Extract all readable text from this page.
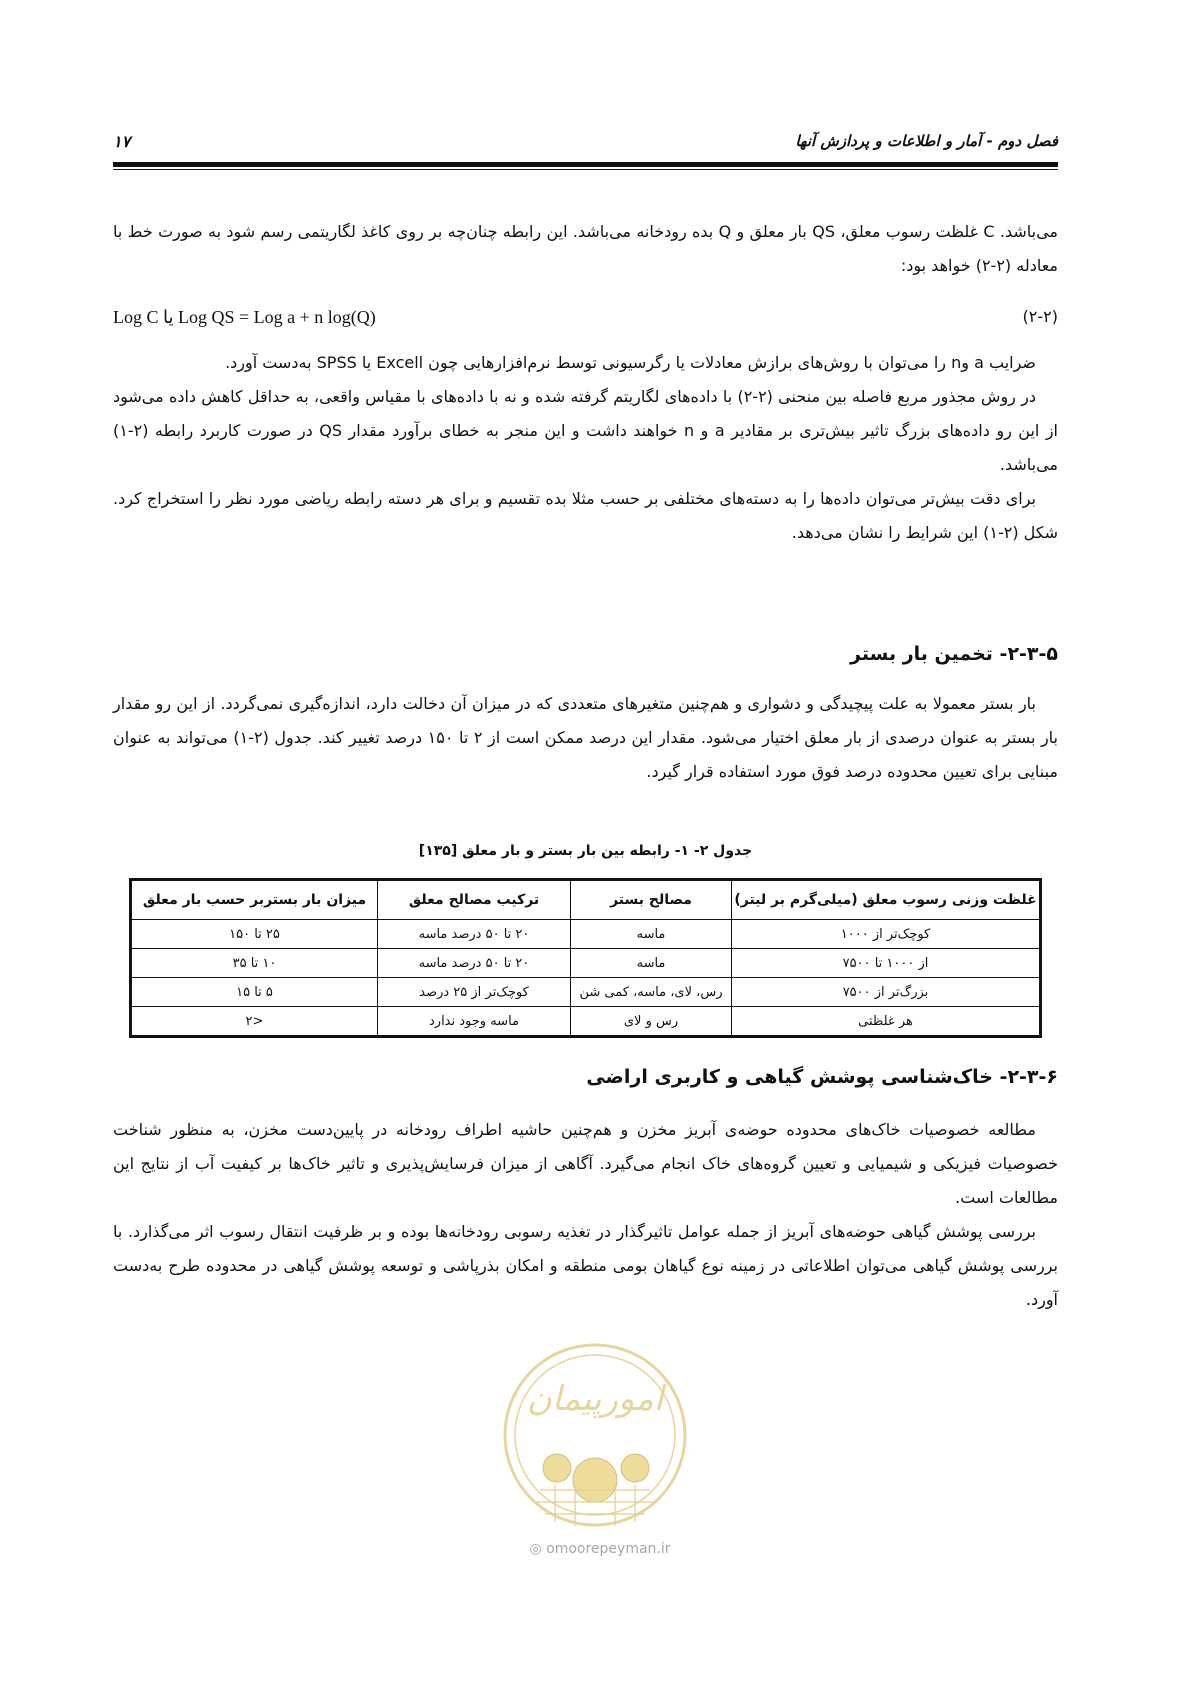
فصل دوم - آمار و اطلاعات و پردازش آنها
۱۷

می‌باشد. C غلظت رسوب معلق، QS بار معلق و Q بده رودخانه می‌باشد. این رابطه چنان‌چه بر روی کاغذ لگاریتمی رسم شود به صورت خط با معادله (۲-۲) خواهد بود:

Log C یا Log QS = Log a + n log(Q)	(۲-۲)

ضرایب a وn را می‌توان با روش‌های برازش معادلات یا رگرسیونی توسط نرم‌افزارهایی چون Excell یا SPSS به‌دست آورد.

در روش مجذور مربع فاصله بین منحنی (۲-۲) با داده‌های لگاریتم گرفته شده و نه با داده‌های با مقیاس واقعی، به حداقل کاهش داده می‌شود از این رو داده‌های بزرگ تاثیر بیش‌تری بر مقادیر a و n خواهند داشت و این منجر به خطای برآورد مقدار QS در صورت کاربرد رابطه (۲-۱) می‌باشد.

برای دقت بیش‌تر می‌توان داده‌ها را به دسته‌های مختلفی بر حسب مثلا بده تقسیم و برای هر دسته رابطه ریاضی مورد نظر را استخراج کرد. شکل (۲-۱) این شرایط را نشان می‌دهد.

۲-۳-۵- تخمین بار بستر

بار بستر معمولا به علت پیچیدگی و دشواری و هم‌چنین متغیرهای متعددی که در میزان آن دخالت دارد، اندازه‌گیری نمی‌گردد. از این رو مقدار بار بستر به عنوان درصدی از بار معلق اختیار می‌شود. مقدار این درصد ممکن است از ۲ تا ۱۵۰ درصد تغییر کند. جدول (۲-۱) می‌تواند به عنوان مبنایی برای تعیین محدوده درصد فوق مورد استفاده قرار گیرد.

جدول ۲- ۱- رابطه بین بار بستر و بار معلق [۱۳۵]
غلظت وزنی رسوب معلق (میلی‌گرم بر لیتر)	مصالح بستر	ترکیب مصالح معلق	میزان بار بستربر حسب بار معلق
کوچک‌تر از ۱۰۰۰	ماسه	۲۰ تا ۵۰ درصد ماسه	۲۵ تا ۱۵۰
از ۱۰۰۰ تا ۷۵۰۰	ماسه	۲۰ تا ۵۰ درصد ماسه	۱۰ تا ۳۵
بزرگ‌تر از ۷۵۰۰	رس، لای، ماسه، کمی شن	کوچک‌تر از ۲۵ درصد	۵ تا ۱۵
هر غلظتی	رس و لای	ماسه وجود ندارد	<۲
۲-۳-۶- خاک‌شناسی پوشش گیاهی و کاربری اراضی

مطالعه خصوصیات خاک‌های محدوده حوضه‌ی آبریز مخزن و هم‌چنین حاشیه اطراف رودخانه در پایین‌دست مخزن، به منظور شناخت خصوصیات فیزیکی و شیمیایی و تعیین گروه‌های خاک انجام می‌گیرد. آگاهی از میزان فرسایش‌پذیری و تاثیر خاک‌ها بر کیفیت آب از نتایج این مطالعات است.

بررسی پوشش گیاهی حوضه‌های آبریز از جمله عوامل تاثیرگذار در تغذیه رسوبی رودخانه‌ها بوده و بر ظرفیت انتقال رسوب اثر می‌گذارد. با بررسی پوشش گیاهی می‌توان اطلاعاتی در زمینه نوع گیاهان بومی منطقه و امکان بذرپاشی و توسعه پوشش گیاهی در محدوده طرح به‌دست آورد.

امورپیمان
◎ omoorepeyman.ir
